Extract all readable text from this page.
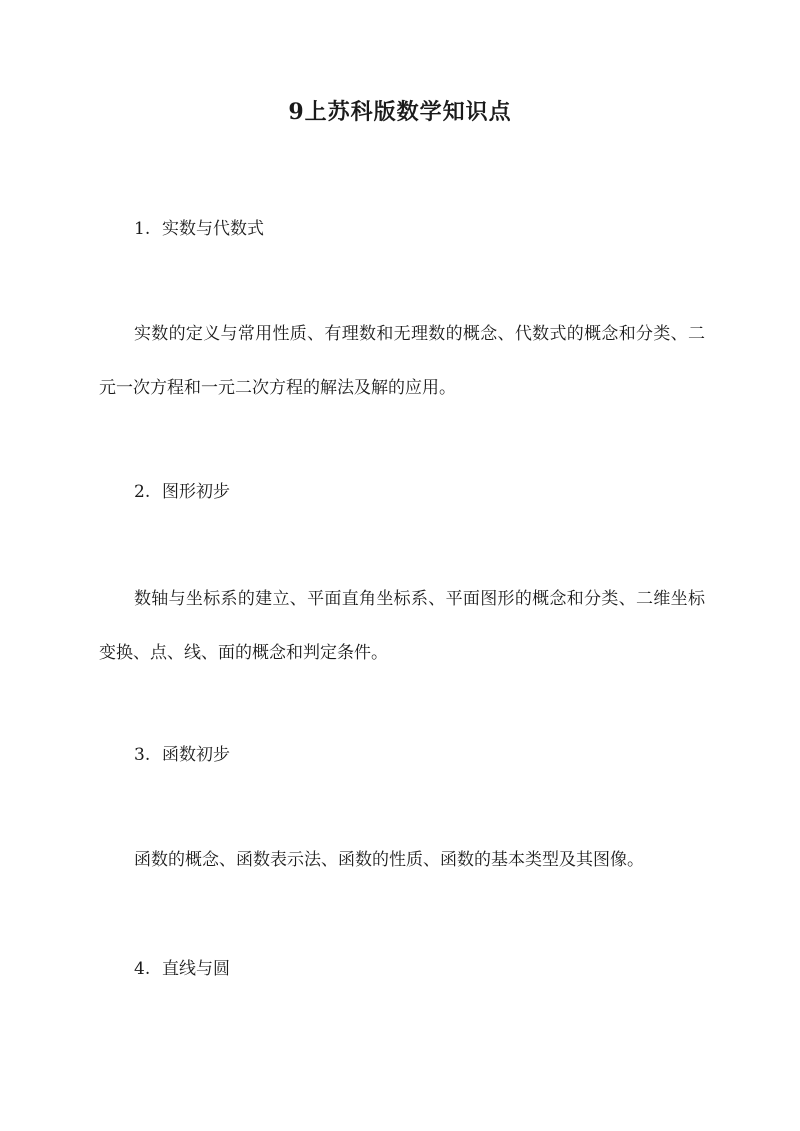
9上苏科版数学知识点
1. 实数与代数式
实数的定义与常用性质、有理数和无理数的概念、代数式的概念和分类、二元一次方程和一元二次方程的解法及解的应用。
2. 图形初步
数轴与坐标系的建立、平面直角坐标系、平面图形的概念和分类、二维坐标变换、点、线、面的概念和判定条件。
3. 函数初步
函数的概念、函数表示法、函数的性质、函数的基本类型及其图像。
4. 直线与圆
